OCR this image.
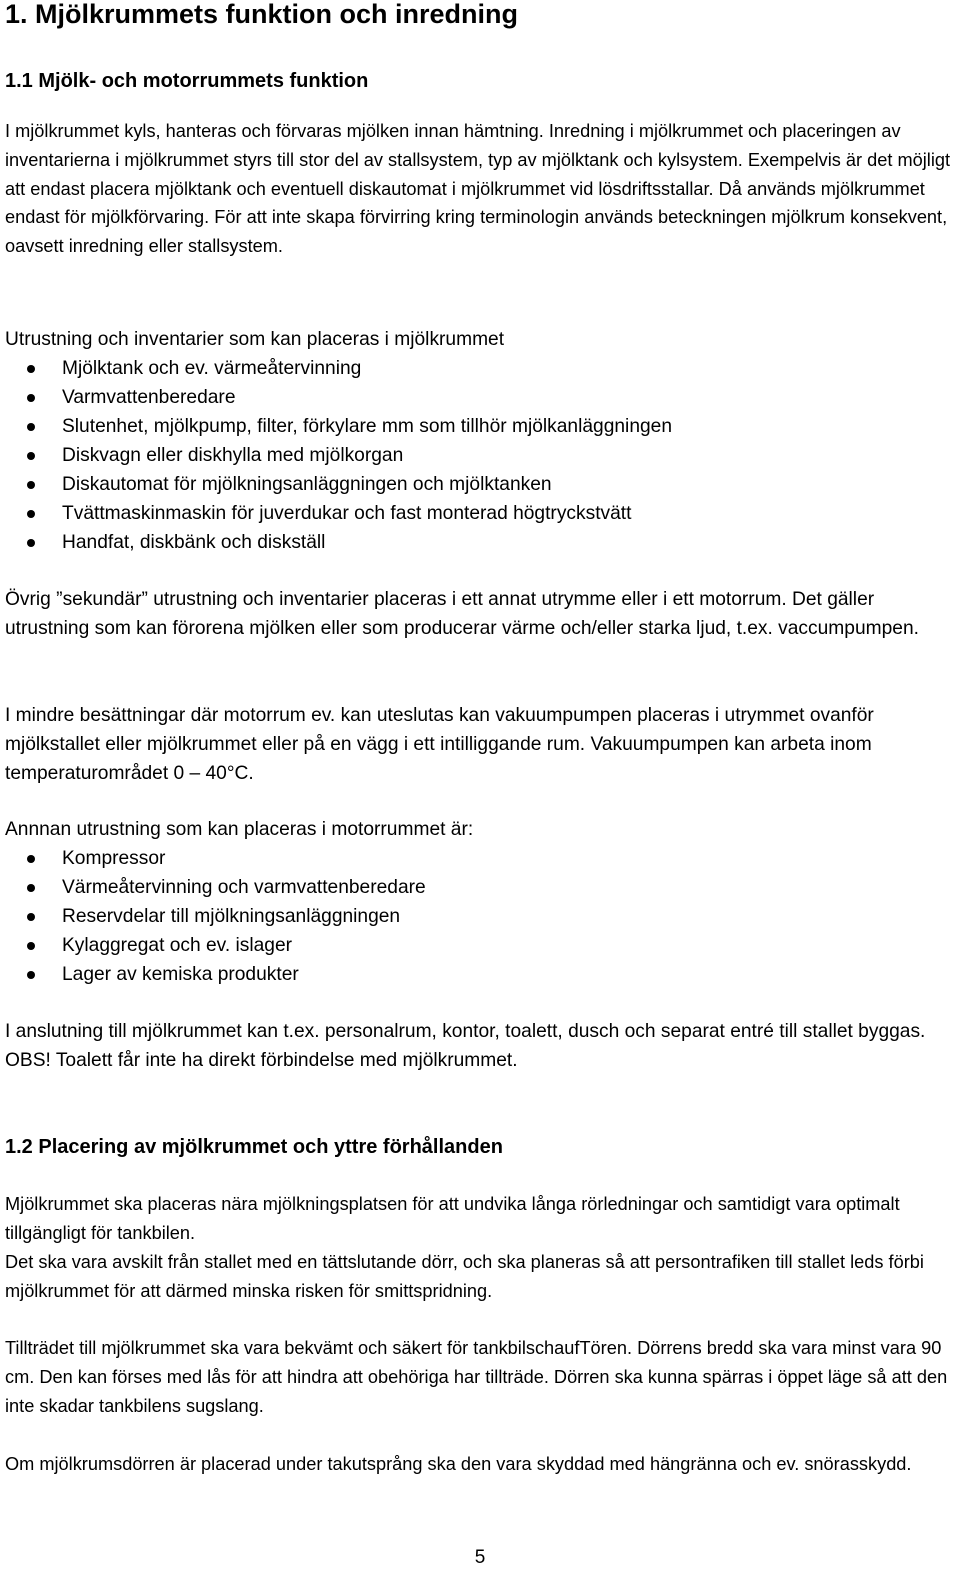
1. Mjölkrummets funktion och inredning
1.1 Mjölk- och motorrummets funktion

I mjölkrummet kyls, hanteras och förvaras mjölken innan hämtning. Inredning i mjölkrummet och placeringen av inventarierna i mjölkrummet styrs till stor del av stallsystem, typ av mjölktank och kylsystem. Exempelvis är det möjligt att endast placera mjölktank och eventuell diskautomat i mjölkrummet vid lösdriftsstallar. Då används mjölkrummet endast för mjölkförvaring. För att inte skapa förvirring kring terminologin används beteckningen mjölkrum konsekvent, oavsett inredning eller stallsystem.

Utrustning och inventarier som kan placeras i mjölkrummet

Mjölktank och ev. värmeåtervinning
Varmvattenberedare
Slutenhet, mjölkpump, filter, förkylare mm som tillhör mjölkanläggningen
Diskvagn eller diskhylla med mjölkorgan
Diskautomat för mjölkningsanläggningen och mjölktanken
Tvättmaskinmaskin för juverdukar och fast monterad högtryckstvätt
Handfat, diskbänk och diskställ

Övrig ”sekundär” utrustning och inventarier placeras i ett annat utrymme eller i ett motorrum. Det gäller utrustning som kan förorena mjölken eller som producerar värme och/eller starka ljud, t.ex. vaccumpumpen.

I mindre besättningar där motorrum ev. kan uteslutas kan vakuumpumpen placeras i utrymmet ovanför mjölkstallet eller mjölkrummet eller på en vägg i ett intilliggande rum. Vakuumpumpen kan arbeta inom temperaturområdet 0 – 40°C.

Annnan utrustning som kan placeras i motorrummet är:

Kompressor
Värmeåtervinning och varmvattenberedare
Reservdelar till mjölkningsanläggningen
Kylaggregat och ev. islager
Lager av kemiska produkter

I anslutning till mjölkrummet kan t.ex. personalrum, kontor, toalett, dusch och separat entré till stallet byggas. OBS! Toalett får inte ha direkt förbindelse med mjölkrummet.

1.2 Placering av mjölkrummet och yttre förhållanden

Mjölkrummet ska placeras nära mjölkningsplatsen för att undvika långa rörledningar och samtidigt vara optimalt tillgängligt för tankbilen.

Det ska vara avskilt från stallet med en tättslutande dörr, och ska planeras så att persontrafiken till stallet leds förbi mjölkrummet för att därmed minska risken för smittspridning.

Tillträdet till mjölkrummet ska vara bekvämt och säkert för tankbilschaufTören. Dörrens bredd ska vara minst vara 90 cm. Den kan förses med lås för att hindra att obehöriga har tillträde. Dörren ska kunna spärras i öppet läge så att den inte skadar tankbilens sugslang.

Om mjölkrumsdörren är placerad under takutsprång ska den vara skyddad med hängränna och ev. snörasskydd.

5
